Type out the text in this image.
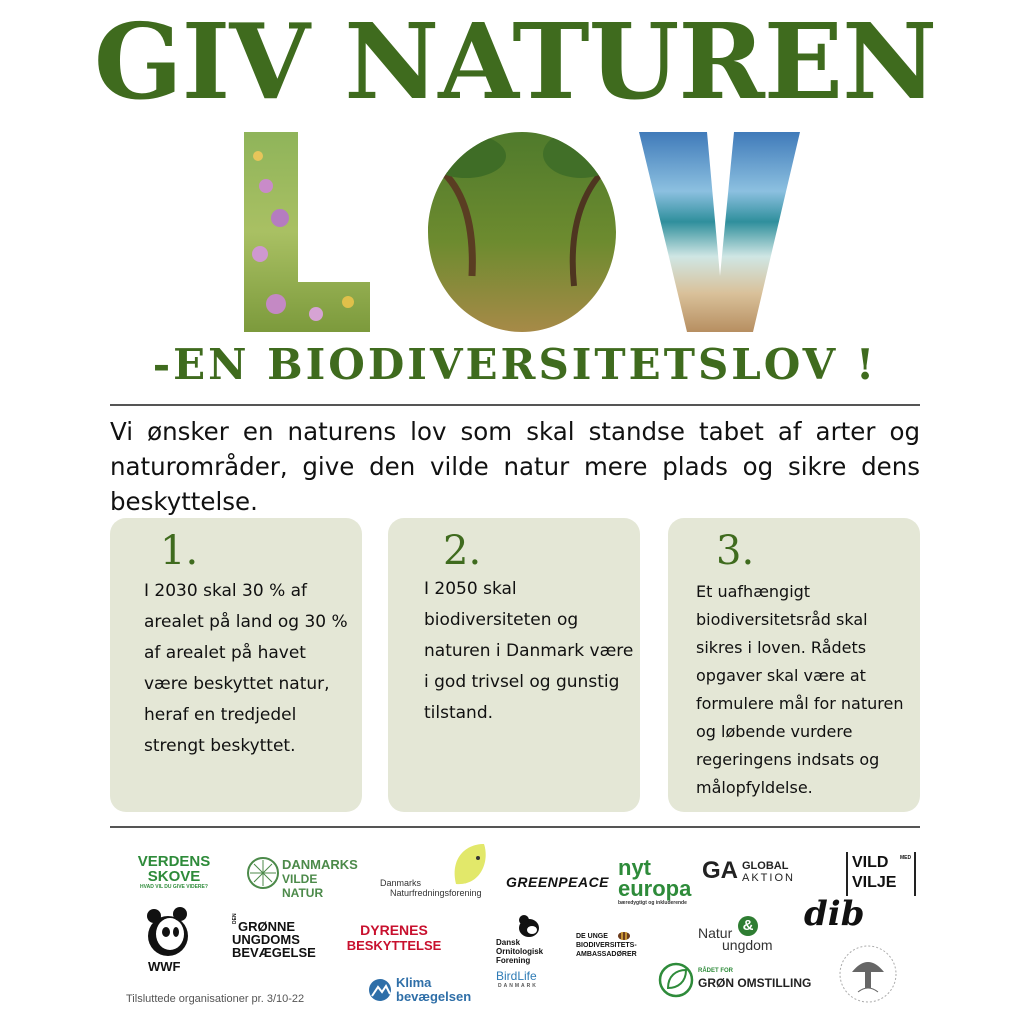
GIV NATUREN
-EN BIODIVERSITETSLOV !
Vi ønsker en naturens lov som skal standse tabet af arter og naturområder, give den vilde natur mere plads og sikre dens beskyttelse.
1.
I 2030 skal 30 % af arealet på land og 30 % af arealet på havet være beskyttet natur, heraf en tredjedel strengt beskyttet.
2.
I 2050 skal biodiversiteten og naturen i Danmark være i god trivsel og gunstig tilstand.
3.
Et uafhængigt biodiversitetsråd skal sikres i loven. Rådets opgaver skal være at formulere mål for naturen og løbende vurdere regeringens indsats og målopfyldelse.
VERDENS
SKOVE
HVAD VIL DU GIVE VIDERE?
DANMARKS
VILDE NATUR
Danmarks
Naturfredningsforening
GREENPEACE
nyt
europa
bæredygtigt og inkluderende
GA GLOBAL
AKTION
VILD MED
VILJE
WWF
DEN
GRØNNE
UNGDOMS
BEVÆGELSE
DYRENES
BESKYTTELSE	Dansk
Ornitologisk
Forening
BirdLife
DANMARK
DE UNGE
BIODIVERSITETS-
AMBASSADØRER
Natur &
ungdom
dib
Klima
bevægelsen
RÅDET FOR
GRØN OMSTILLING
Tilsluttede organisationer pr. 3/10-22
